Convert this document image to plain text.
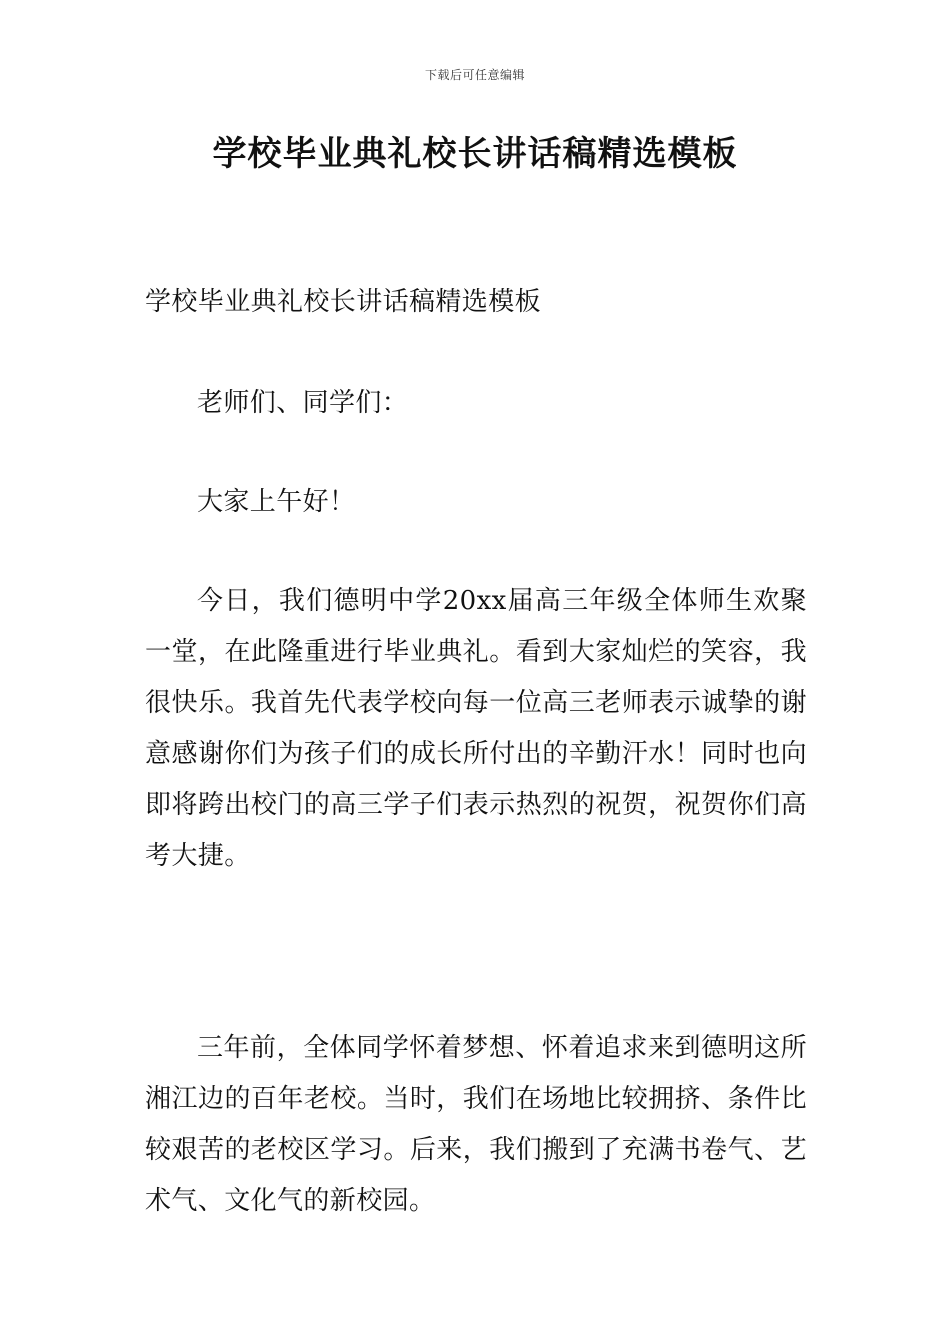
下载后可任意编辑
学校毕业典礼校长讲话稿精选模板
学校毕业典礼校长讲话稿精选模板
老师们、同学们：
大家上午好！
今日，我们德明中学20xx届高三年级全体师生欢聚一堂，在此隆重进行毕业典礼。看到大家灿烂的笑容，我很快乐。我首先代表学校向每一位高三老师表示诚挚的谢意感谢你们为孩子们的成长所付出的辛勤汗水！同时也向即将跨出校门的高三学子们表示热烈的祝贺，祝贺你们高考大捷。
三年前，全体同学怀着梦想、怀着追求来到德明这所湘江边的百年老校。当时，我们在场地比较拥挤、条件比较艰苦的老校区学习。后来，我们搬到了充满书卷气、艺术气、文化气的新校园。
